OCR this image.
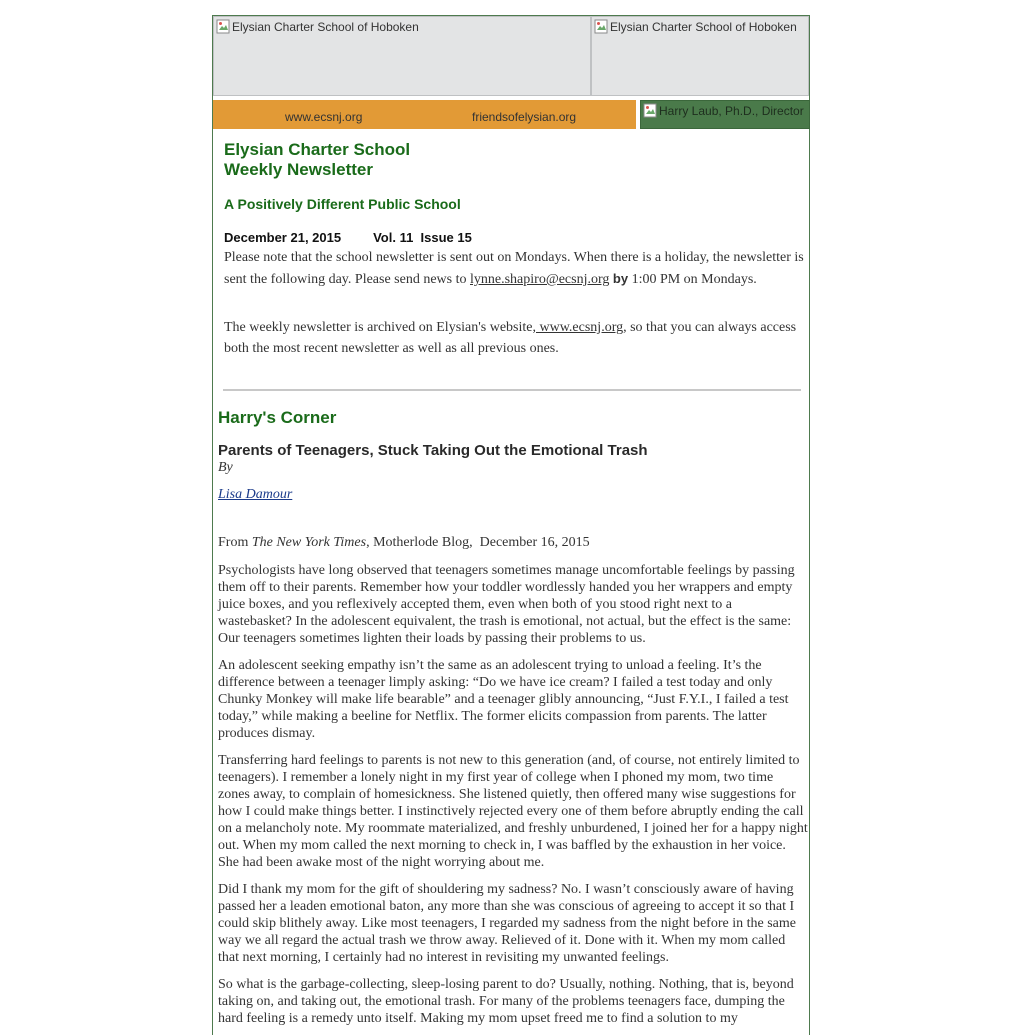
Elysian Charter School of Hoboken	Elysian Charter School of Hoboken
www.ecsnj.org	friendsofelysian.org	Harry Laub, Ph.D., Director
Elysian Charter School
Weekly Newsletter
A Positively Different Public School
December 21, 2015 Vol. 11  Issue 15

Please note that the school newsletter is sent out on Mondays. When there is a holiday, the newsletter is sent the following day. Please send news to lynne.shapiro@ecsnj.org by 1:00 PM on Mondays.

The weekly newsletter is archived on Elysian's website, www.ecsnj.org, so that you can always access both the most recent newsletter as well as all previous ones.

Harry's Corner
Parents of Teenagers, Stuck Taking Out the Emotional Trash
By
Lisa Damour
From The New York Times, Motherlode Blog,  December 16, 2015

Psychologists have long observed that teenagers sometimes manage uncomfortable feelings by passing them off to their parents. Remember how your toddler wordlessly handed you her wrappers and empty juice boxes, and you reflexively accepted them, even when both of you stood right next to a wastebasket? In the adolescent equivalent, the trash is emotional, not actual, but the effect is the same: Our teenagers sometimes lighten their loads by passing their problems to us.

An adolescent seeking empathy isn’t the same as an adolescent trying to unload a feeling. It’s the difference between a teenager limply asking: “Do we have ice cream? I failed a test today and only Chunky Monkey will make life bearable” and a teenager glibly announcing, “Just F.Y.I., I failed a test today,” while making a beeline for Netflix. The former elicits compassion from parents. The latter produces dismay.

Transferring hard feelings to parents is not new to this generation (and, of course, not entirely limited to teenagers). I remember a lonely night in my first year of college when I phoned my mom, two time zones away, to complain of homesickness. She listened quietly, then offered many wise suggestions for how I could make things better. I instinctively rejected every one of them before abruptly ending the call on a melancholy note. My roommate materialized, and freshly unburdened, I joined her for a happy night out. When my mom called the next morning to check in, I was baffled by the exhaustion in her voice. She had been awake most of the night worrying about me.

Did I thank my mom for the gift of shouldering my sadness? No. I wasn’t consciously aware of having passed her a leaden emotional baton, any more than she was conscious of agreeing to accept it so that I could skip blithely away. Like most teenagers, I regarded my sadness from the night before in the same way we all regard the actual trash we throw away. Relieved of it. Done with it. When my mom called that next morning, I certainly had no interest in revisiting my unwanted feelings.

So what is the garbage-collecting, sleep-losing parent to do? Usually, nothing. Nothing, that is, beyond taking on, and taking out, the emotional trash. For many of the problems teenagers face, dumping the hard feeling is a remedy unto itself. Making my mom upset freed me to find a solution to my
